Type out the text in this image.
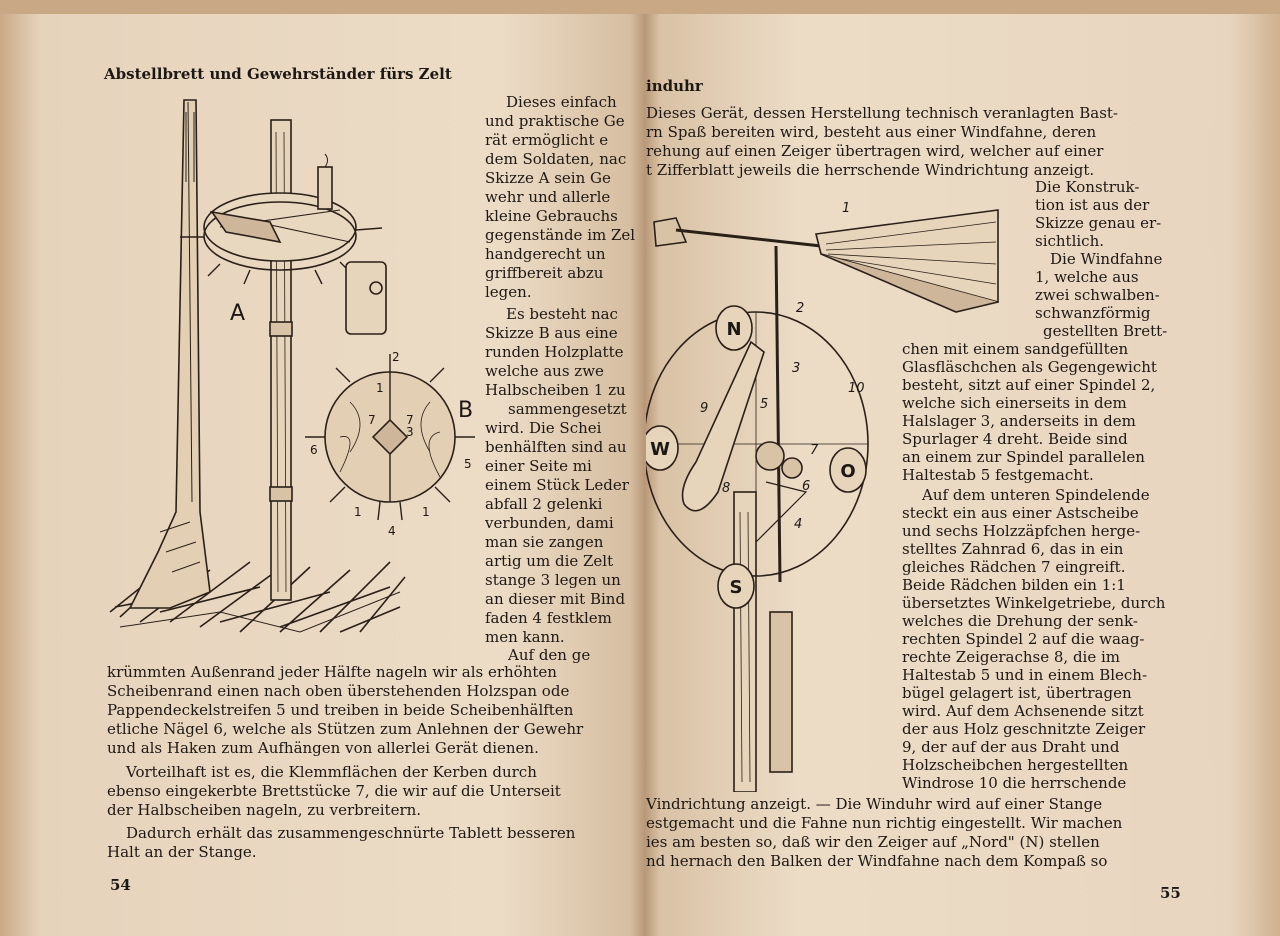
Abstellbrett und Gewehrständer fürs Zelt
A
B
2
1
3
7	7
6
5
1
4
1
Dieses einfach
und praktische Ge
rät ermöglicht e
dem Soldaten, nac
Skizze A sein Ge
wehr und allerle
kleine Gebrauchs
gegenstände im Zel
handgerecht un
griffbereit abzu
legen.
Es besteht nac
Skizze B aus eine
runden Holzplatte
welche aus zwe
Halbscheiben 1 zu
sammengesetzt
wird. Die Schei
benhälften sind au
einer Seite mi
einem Stück Leder
abfall 2 gelenki
verbunden, dami
man sie zangen
artig um die Zelt
stange 3 legen un
an dieser mit Bind
faden 4 festklem
men kann.
Auf den ge
krümmten Außenrand jeder Hälfte nageln wir als erhöhten
Scheibenrand einen nach oben überstehenden Holzspan ode
Pappendeckelstreifen 5 und treiben in beide Scheibenhälften
etliche Nägel 6, welche als Stützen zum Anlehnen der Gewehr
und als Haken zum Aufhängen von allerlei Gerät dienen.
Vorteilhaft ist es, die Klemmflächen der Kerben durch
ebenso eingekerbte Brettstücke 7, die wir auf die Unterseit
der Halbscheiben nageln, zu verbreitern.
Dadurch erhält das zusammengeschnürte Tablett besseren
Halt an der Stange.
54
induhr
Dieses Gerät, dessen Herstellung technisch veranlagten Bast-
rn Spaß bereiten wird, besteht aus einer Windfahne, deren
rehung auf einen Zeiger übertragen wird, welcher auf einer
t Zifferblatt jeweils die herrschende Windrichtung anzeigt.
N
W
O
S
1
2
3
10
9	5
7
8	6
4
Die Konstruk-
tion ist aus der
Skizze genau er-
sichtlich.
Die Windfahne
1, welche aus
zwei schwalben-
schwanzförmig
gestellten Brett-
chen mit einem sandgefüllten
Glasfläschchen als Gegengewicht
besteht, sitzt auf einer Spindel 2,
welche sich einerseits in dem
Halslager 3, anderseits in dem
Spurlager 4 dreht. Beide sind
an einem zur Spindel parallelen
Haltestab 5 festgemacht.
Auf dem unteren Spindelende
steckt ein aus einer Astscheibe
und sechs Holzzäpfchen herge-
stelltes Zahnrad 6, das in ein
gleiches Rädchen 7 eingreift.
Beide Rädchen bilden ein 1:1
übersetztes Winkelgetriebe, durch
welches die Drehung der senk-
rechten Spindel 2 auf die waag-
rechte Zeigerachse 8, die im
Haltestab 5 und in einem Blech-
bügel gelagert ist, übertragen
wird. Auf dem Achsenende sitzt
der aus Holz geschnitzte Zeiger
9, der auf der aus Draht und
Holzscheibchen hergestellten
Windrose 10 die herrschende
Vindrichtung anzeigt. — Die Winduhr wird auf einer Stange
estgemacht und die Fahne nun richtig eingestellt. Wir machen
ies am besten so, daß wir den Zeiger auf „Nord" (N) stellen
nd hernach den Balken der Windfahne nach dem Kompaß so
55
